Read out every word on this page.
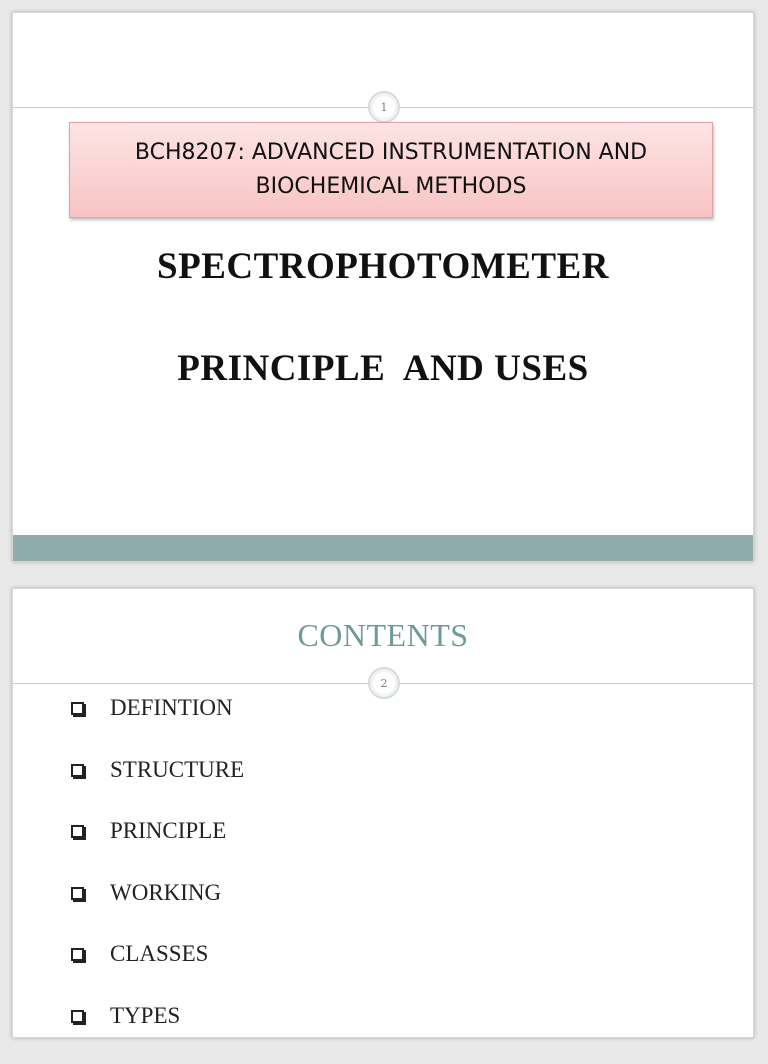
1
BCH8207: ADVANCED INSTRUMENTATION AND BIOCHEMICAL METHODS
SPECTROPHOTOMETER
PRINCIPLE  AND USES
CONTENTS
2
DEFINTION
STRUCTURE
PRINCIPLE
WORKING
CLASSES
TYPES
